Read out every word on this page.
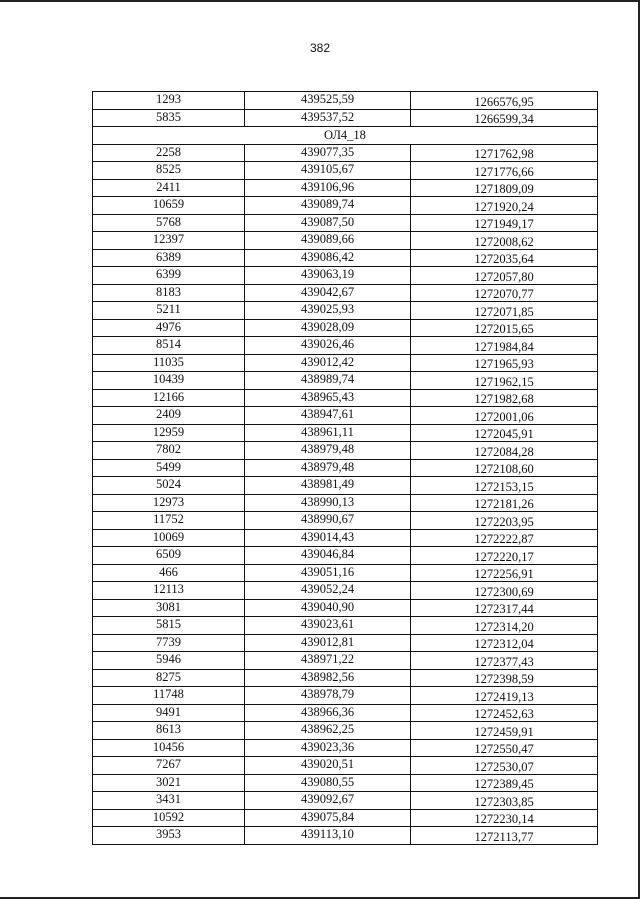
382
1293	439525,59	1266576,95
5835	439537,52	1266599,34
ОЛ4_18		
2258	439077,35	1271762,98
8525	439105,67	1271776,66
2411	439106,96	1271809,09
10659	439089,74	1271920,24
5768	439087,50	1271949,17
12397	439089,66	1272008,62
6389	439086,42	1272035,64
6399	439063,19	1272057,80
8183	439042,67	1272070,77
5211	439025,93	1272071,85
4976	439028,09	1272015,65
8514	439026,46	1271984,84
11035	439012,42	1271965,93
10439	438989,74	1271962,15
12166	438965,43	1271982,68
2409	438947,61	1272001,06
12959	438961,11	1272045,91
7802	438979,48	1272084,28
5499	438979,48	1272108,60
5024	438981,49	1272153,15
12973	438990,13	1272181,26
11752	438990,67	1272203,95
10069	439014,43	1272222,87
6509	439046,84	1272220,17
466	439051,16	1272256,91
12113	439052,24	1272300,69
3081	439040,90	1272317,44
5815	439023,61	1272314,20
7739	439012,81	1272312,04
5946	438971,22	1272377,43
8275	438982,56	1272398,59
11748	438978,79	1272419,13
9491	438966,36	1272452,63
8613	438962,25	1272459,91
10456	439023,36	1272550,47
7267	439020,51	1272530,07
3021	439080,55	1272389,45
3431	439092,67	1272303,85
10592	439075,84	1272230,14
3953	439113,10	1272113,77
